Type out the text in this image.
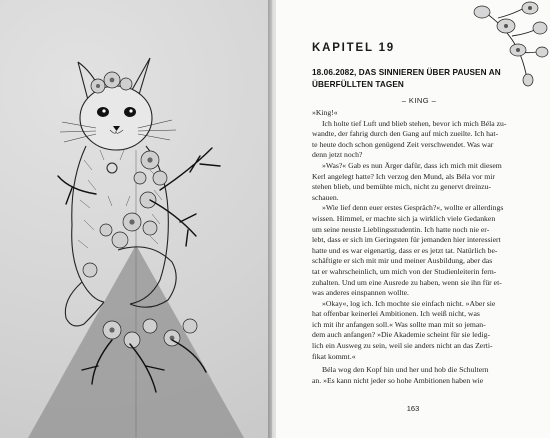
KAPITEL 19
18.06.2082, DAS SINNIEREN ÜBER PAUSEN AN ÜBERFÜLLTEN TAGEN
– KING –
»King!«
Ich holte tief Luft und blieb stehen, bevor ich mich Béla zu-
wandte, der fahrig durch den Gang auf mich zueilte. Ich hat-
te heute doch schon genügend Zeit verschwendet. Was war
denn jetzt noch?
»Was?« Gab es nun Ärger dafür, dass ich mich mit diesem
Kerl angelegt hatte? Ich verzog den Mund, als Béla vor mir
stehen blieb, und bemühte mich, nicht zu genervt dreinzu-
schauen.
»Wie lief denn euer erstes Gespräch?«, wollte er allerdings
wissen. Himmel, er machte sich ja wirklich viele Gedanken
um seine neuste Lieblingsstudentin. Ich hatte noch nie er-
lebt, dass er sich im Geringsten für jemanden hier interessiert
hatte und es war eigenartig, dass er es jetzt tat. Natürlich be-
schäftigte er sich mit mir und meiner Ausbildung, aber das
tat er wahrscheinlich, um mich von der Studienleiterin fern-
zuhalten. Und um eine Ausrede zu haben, wenn sie ihn für et-
was anderes einspannen wollte.
»Okay«, log ich. Ich mochte sie einfach nicht. »Aber sie
hat offenbar keinerlei Ambitionen. Ich weiß nicht, was
ich mit ihr anfangen soll.« Was sollte man mit so jeman-
dem auch anfangen? »Die Akademie scheint für sie ledig-
lich ein Ausweg zu sein, weil sie anders nicht an das Zerti-
fikat kommt.«
Béla wog den Kopf hin und her und hob die Schultern
an. »Es kann nicht jeder so hohe Ambitionen haben wie
163
